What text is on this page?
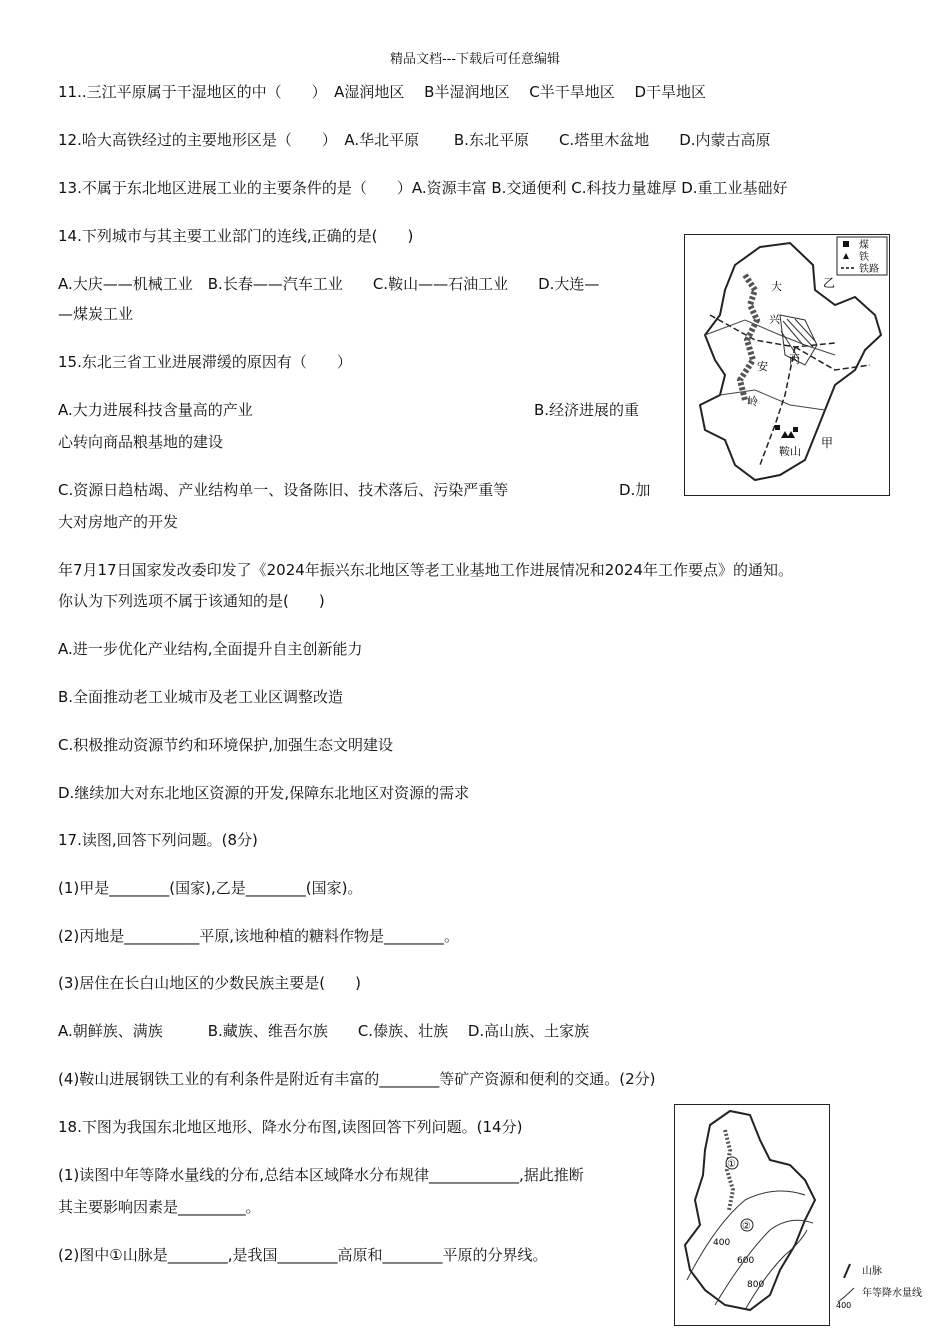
精品文档---下载后可任意编辑
11..三江平原属于干湿地区的中（　　）　A湿润地区　 B半湿润地区　 C半干旱地区　 D干旱地区
12.哈大高铁经过的主要地形区是（　　）　A.华北平原　　 B.东北平原　　C.塔里木盆地　　D.内蒙古高原
13.不属于东北地区进展工业的主要条件的是（　　）A.资源丰富 B.交通便利 C.科技力量雄厚 D.重工业基础好
14.下列城市与其主要工业部门的连线,正确的是(　　)
A.大庆——机械工业　B.长春——汽车工业　　C.鞍山——石油工业　　D.大连—
—煤炭工业
15.东北三省工业进展滞缓的原因有（　　）
A.大力进展科技含量高的产业	B.经济进展的重
心转向商品粮基地的建设
C.资源日趋枯竭、产业结构单一、设备陈旧、技术落后、污染严重等	D.加
大对房地产的开发
年7月17日国家发改委印发了《2024年振兴东北地区等老工业基地工作进展情况和2024年工作要点》的通知。
你认为下列选项不属于该通知的是(　　)
A.进一步优化产业结构,全面提升自主创新能力
B.全面推动老工业城市及老工业区调整改造
C.积极推动资源节约和环境保护,加强生态文明建设
D.继续加大对东北地区资源的开发,保障东北地区对资源的需求
17.读图,回答下列问题。(8分)
(1)甲是________(国家),乙是________(国家)。
(2)丙地是__________平原,该地种植的糖料作物是________。
(3)居住在长白山地区的少数民族主要是(　　)
A.朝鲜族、满族　　　B.藏族、维吾尔族　　C.傣族、壮族　 D.高山族、土家族
(4)鞍山进展钢铁工业的有利条件是附近有丰富的________等矿产资源和便利的交通。(2分)
18.下图为我国东北地区地形、降水分布图,读图回答下列问题。(14分)
(1)读图中年等降水量线的分布,总结本区域降水分布规律____________,据此推断
其主要影响因素是_________。
(2)图中①山脉是________,是我国________高原和________平原的分界线。
煤
铁
铁路
大
兴
安
岭
丙
乙
甲
鞍山
①
②
400
600
800
山脉
400
年等降水量线
